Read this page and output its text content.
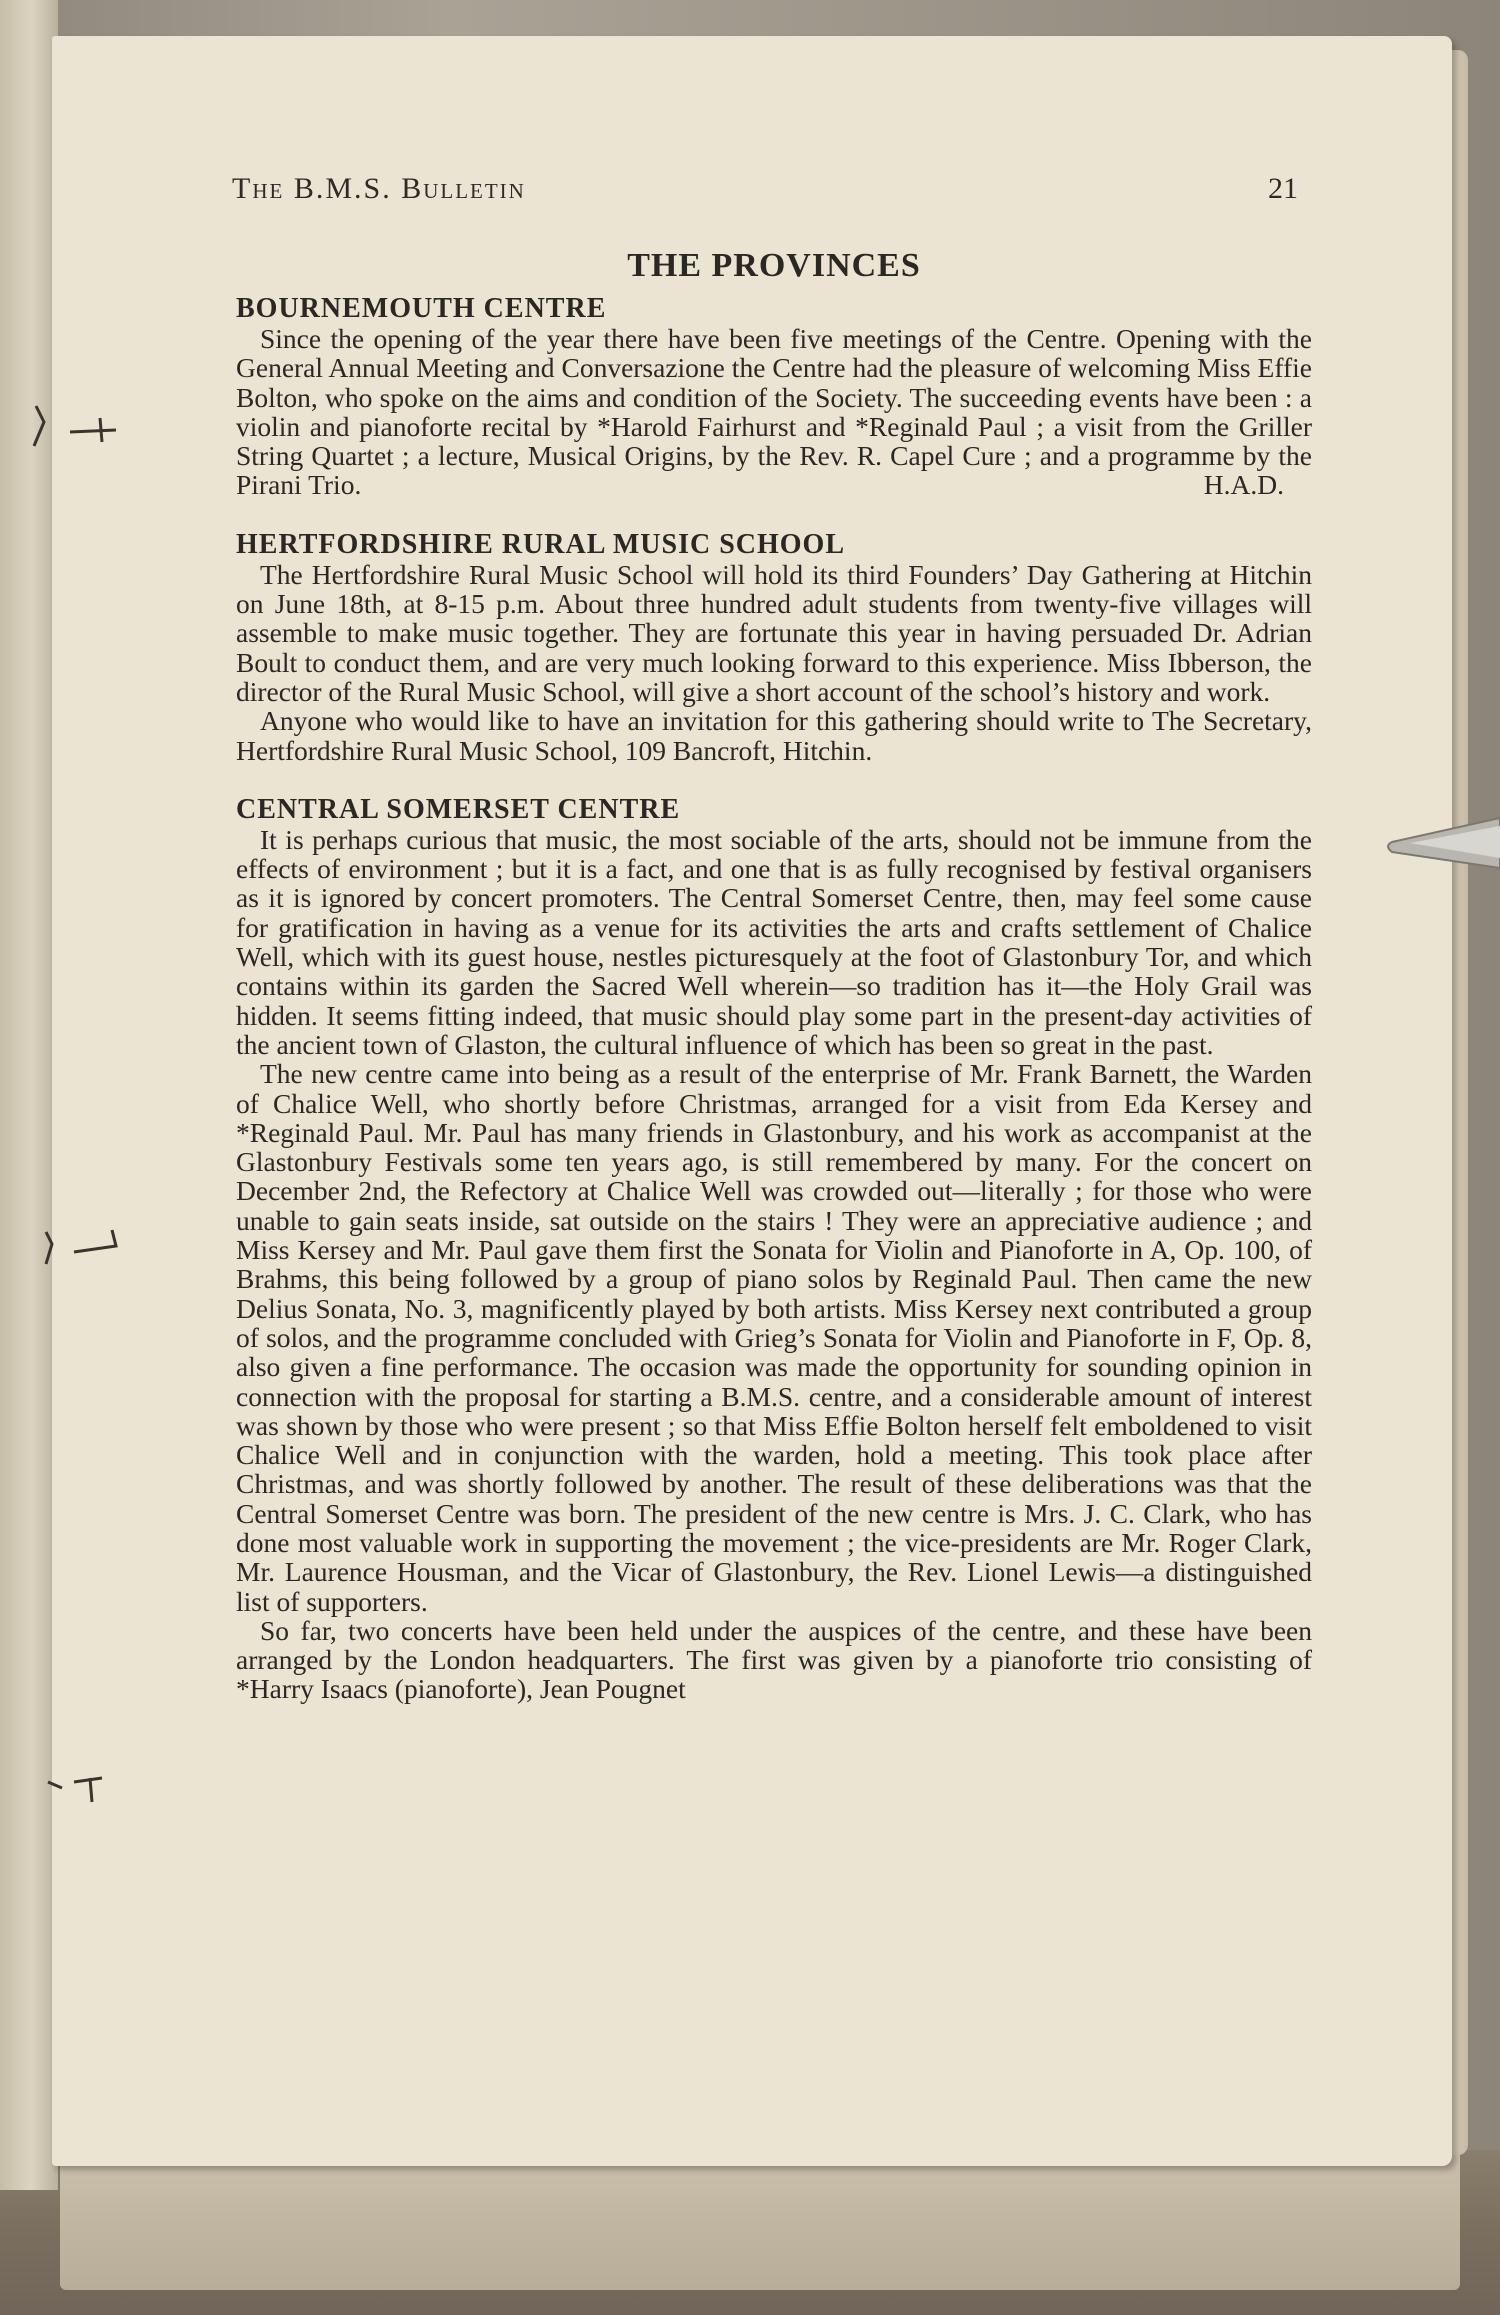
The B.M.S. Bulletin	21
THE PROVINCES
BOURNEMOUTH CENTRE

Since the opening of the year there have been five meetings of the Centre. Opening with the General Annual Meeting and Conversazione the Centre had the pleasure of welcoming Miss Effie Bolton, who spoke on the aims and condition of the Society. The succeeding events have been : a violin and pianoforte recital by *Harold Fairhurst and *Reginald Paul ; a visit from the Griller String Quartet ; a lecture, Musical Origins, by the Rev. R. Capel Cure ; and a programme by the Pirani Trio.	H.A.D.

HERTFORDSHIRE RURAL MUSIC SCHOOL

The Hertfordshire Rural Music School will hold its third Founders’ Day Gathering at Hitchin on June 18th, at 8-15 p.m. About three hundred adult students from twenty-five villages will assemble to make music together. They are fortunate this year in having persuaded Dr. Adrian Boult to conduct them, and are very much looking forward to this experience. Miss Ibberson, the director of the Rural Music School, will give a short account of the school’s history and work.

Anyone who would like to have an invitation for this gathering should write to The Secretary, Hertfordshire Rural Music School, 109 Bancroft, Hitchin.

CENTRAL SOMERSET CENTRE

It is perhaps curious that music, the most sociable of the arts, should not be immune from the effects of environment ; but it is a fact, and one that is as fully recognised by festival organisers as it is ignored by concert promoters. The Central Somerset Centre, then, may feel some cause for gratification in having as a venue for its activities the arts and crafts settlement of Chalice Well, which with its guest house, nestles picturesquely at the foot of Glastonbury Tor, and which contains within its garden the Sacred Well wherein—so tradition has it—the Holy Grail was hidden. It seems fitting indeed, that music should play some part in the present-day activities of the ancient town of Glaston, the cultural influence of which has been so great in the past.

The new centre came into being as a result of the enterprise of Mr. Frank Barnett, the Warden of Chalice Well, who shortly before Christmas, arranged for a visit from Eda Kersey and *Reginald Paul. Mr. Paul has many friends in Glastonbury, and his work as accompanist at the Glastonbury Festivals some ten years ago, is still remembered by many. For the concert on December 2nd, the Refectory at Chalice Well was crowded out—literally ; for those who were unable to gain seats inside, sat outside on the stairs ! They were an appreciative audience ; and Miss Kersey and Mr. Paul gave them first the Sonata for Violin and Pianoforte in A, Op. 100, of Brahms, this being followed by a group of piano solos by Reginald Paul. Then came the new Delius Sonata, No. 3, magnificently played by both artists. Miss Kersey next contributed a group of solos, and the programme concluded with Grieg’s Sonata for Violin and Pianoforte in F, Op. 8, also given a fine performance. The occasion was made the opportunity for sounding opinion in connection with the proposal for starting a B.M.S. centre, and a considerable amount of interest was shown by those who were present ; so that Miss Effie Bolton herself felt emboldened to visit Chalice Well and in conjunction with the warden, hold a meeting. This took place after Christmas, and was shortly followed by another. The result of these deliberations was that the Central Somerset Centre was born. The president of the new centre is Mrs. J. C. Clark, who has done most valuable work in supporting the movement ; the vice-presidents are Mr. Roger Clark, Mr. Laurence Housman, and the Vicar of Glastonbury, the Rev. Lionel Lewis—a distinguished list of supporters.

So far, two concerts have been held under the auspices of the centre, and these have been arranged by the London headquarters. The first was given by a pianoforte trio consisting of *Harry Isaacs (pianoforte), Jean Pougnet
